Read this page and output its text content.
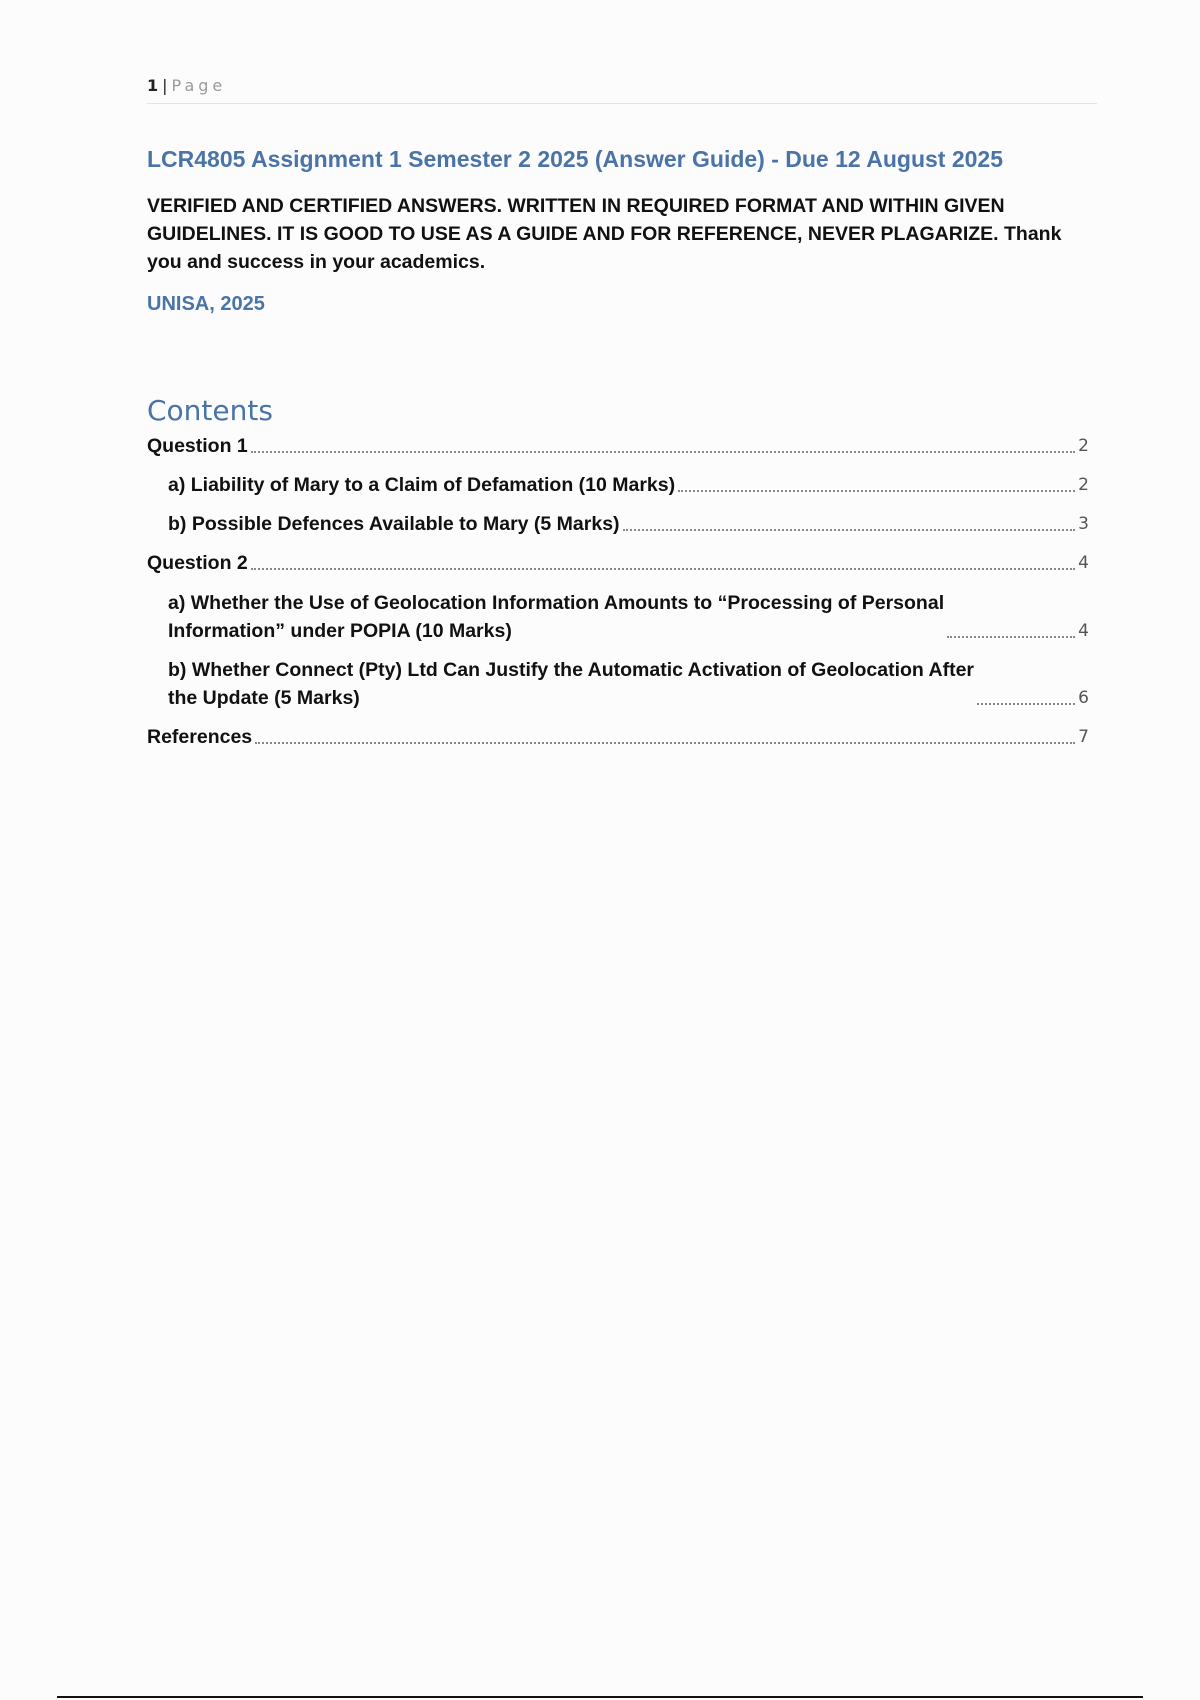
1 | Page
LCR4805 Assignment 1 Semester 2 2025 (Answer Guide) - Due 12 August 2025

VERIFIED AND CERTIFIED ANSWERS. WRITTEN IN REQUIRED FORMAT AND WITHIN GIVEN GUIDELINES. IT IS GOOD TO USE AS A GUIDE AND FOR REFERENCE, NEVER PLAGARIZE. Thank you and success in your academics.

UNISA, 2025

Contents
Question 1	2
a) Liability of Mary to a Claim of Defamation (10 Marks)	2
b) Possible Defences Available to Mary (5 Marks)	3
Question 2	4
a) Whether the Use of Geolocation Information Amounts to “Processing of Personal
Information” under POPIA (10 Marks)	4
b) Whether Connect (Pty) Ltd Can Justify the Automatic Activation of Geolocation After
the Update (5 Marks)	6
References	7
